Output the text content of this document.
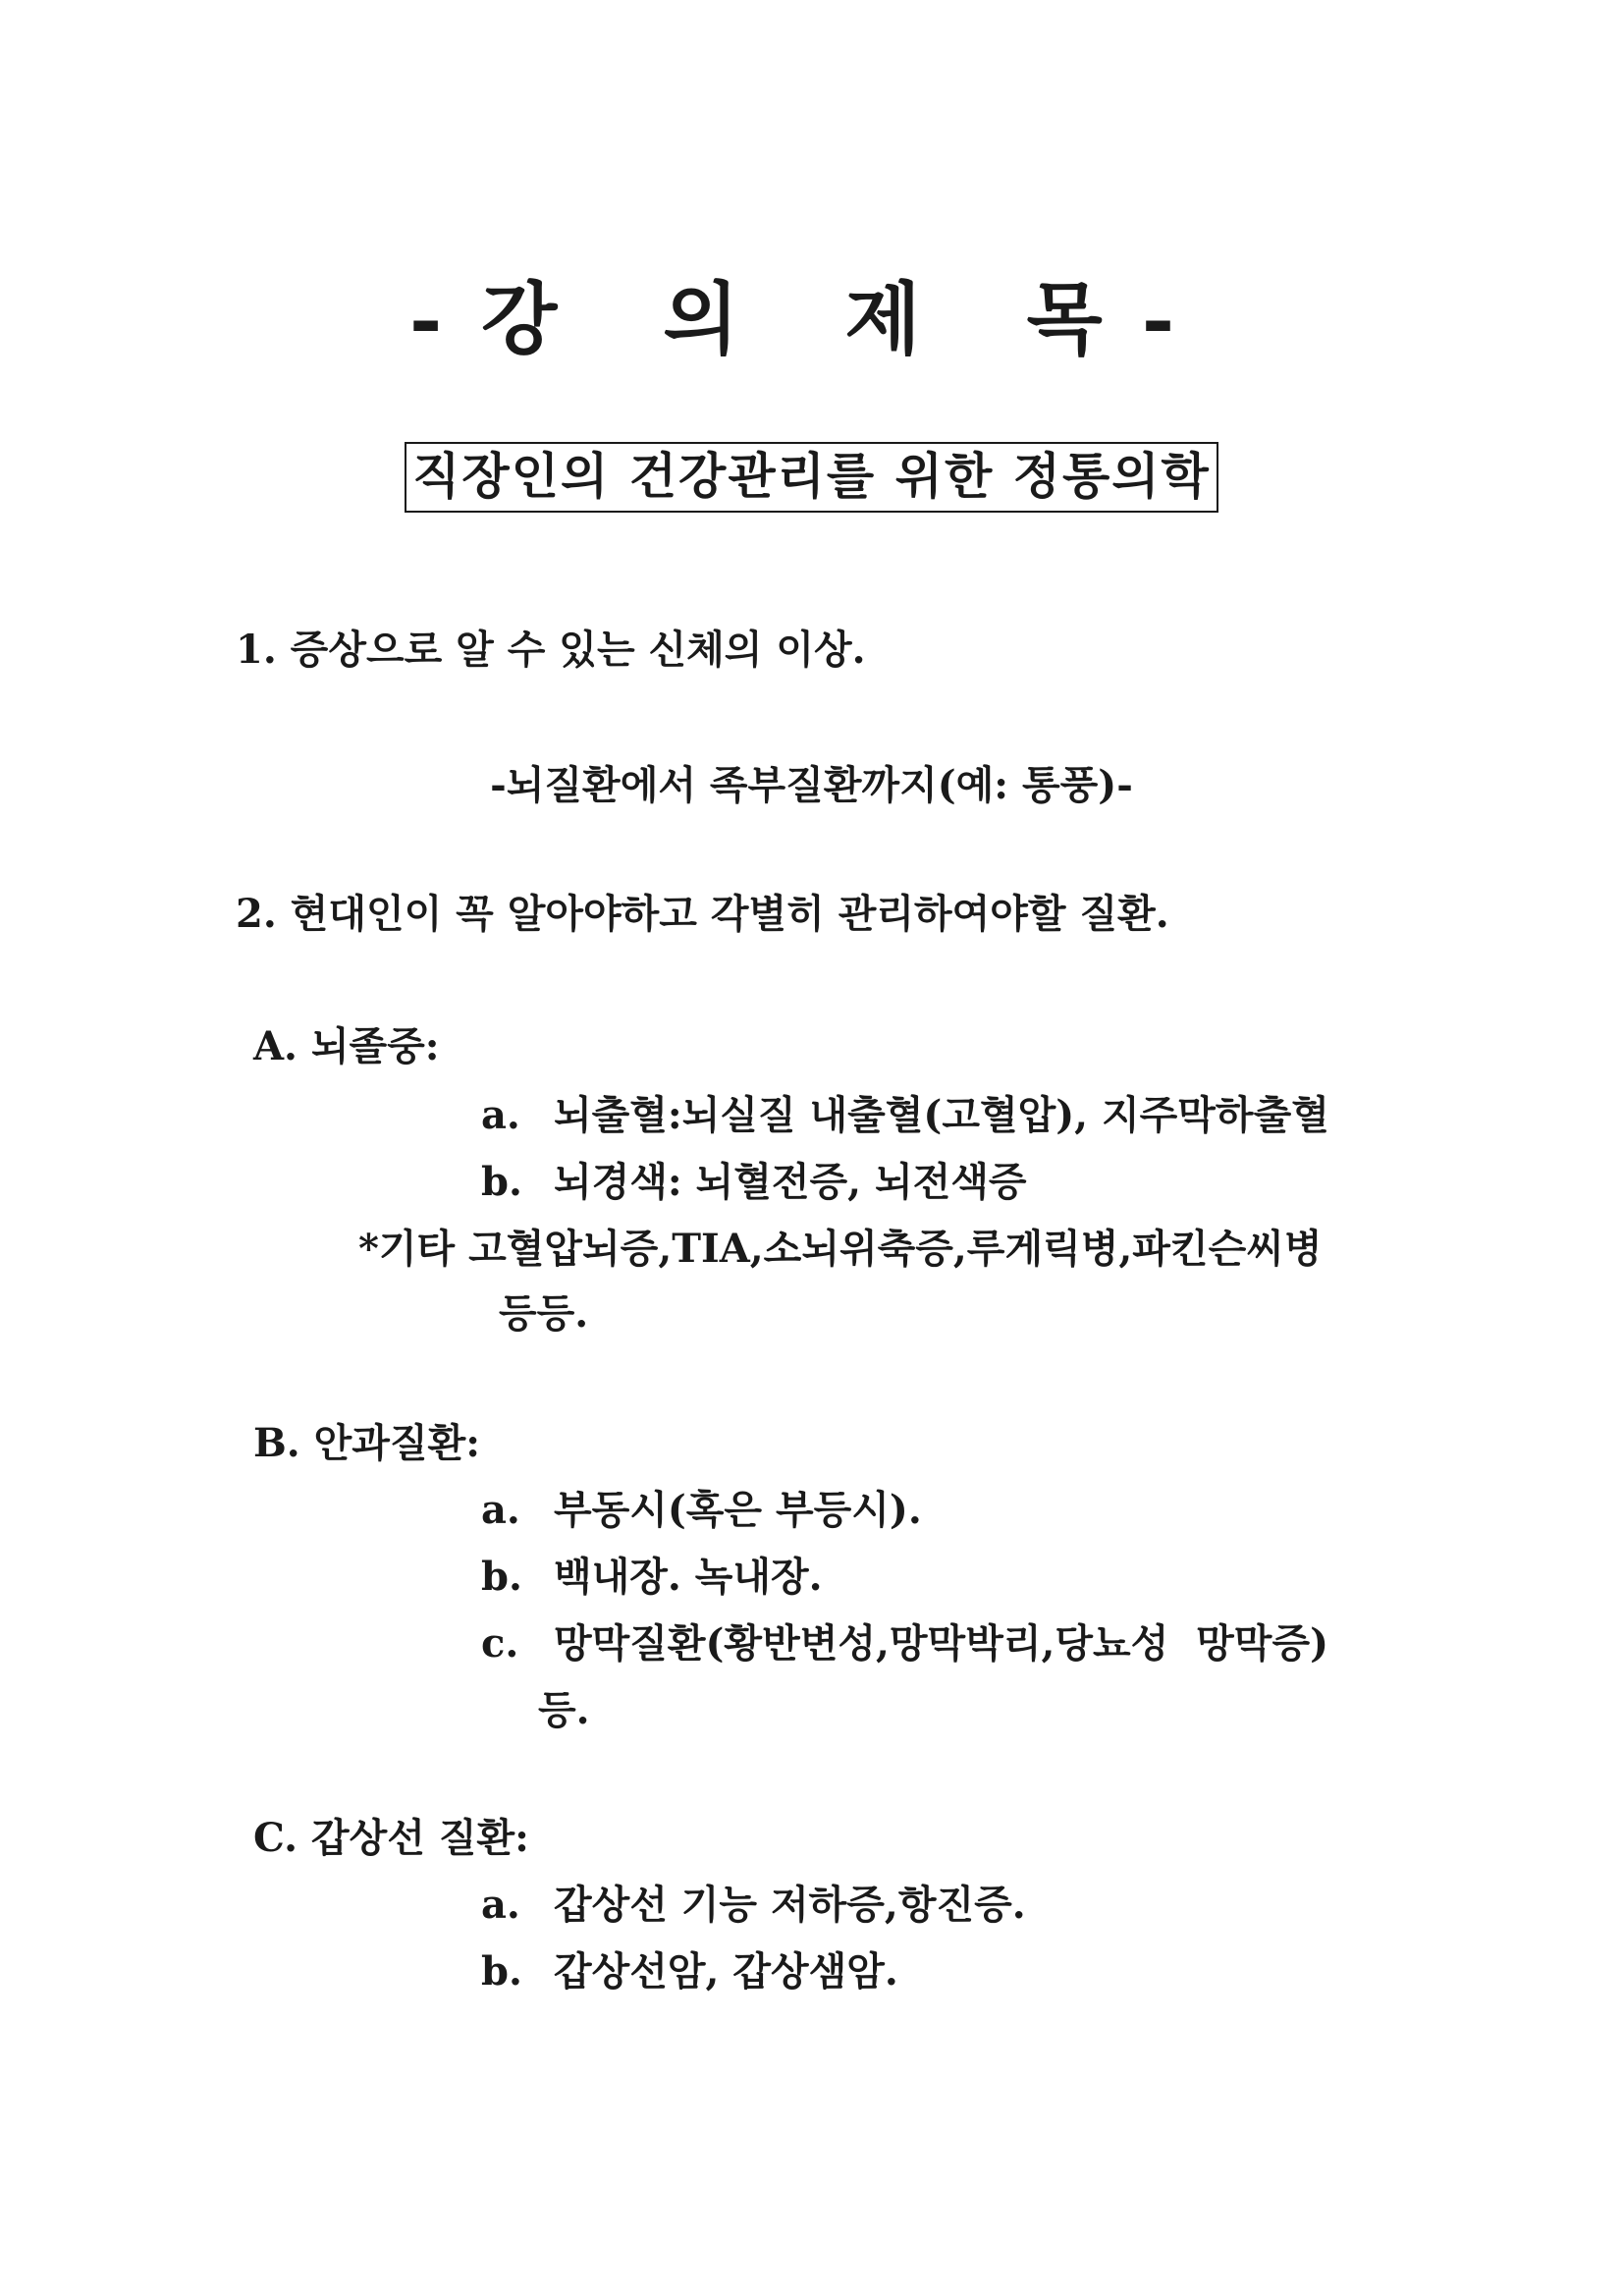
-강 의 제 목-
직장인의 건강관리를 위한 정통의학
1. 증상으로 알 수 있는 신체의 이상.
-뇌질환에서 족부질환까지(예: 통풍)-
2. 현대인이 꼭 알아야하고 각별히 관리하여야할 질환.
A. 뇌졸중:
a. 뇌출혈:뇌실질 내출혈(고혈압), 지주막하출혈
b. 뇌경색: 뇌혈전증, 뇌전색증
*기타 고혈압뇌증,TIA,소뇌위축증,루게릭병,파킨슨씨병
등등.
B. 안과질환:
a. 부동시(혹은 부등시).
b. 백내장. 녹내장.
c. 망막질환(황반변성,망막박리,당뇨성  망막증)
등.
C. 갑상선 질환:
a. 갑상선 기능 저하증,항진증.
b. 갑상선암, 갑상샘암.
